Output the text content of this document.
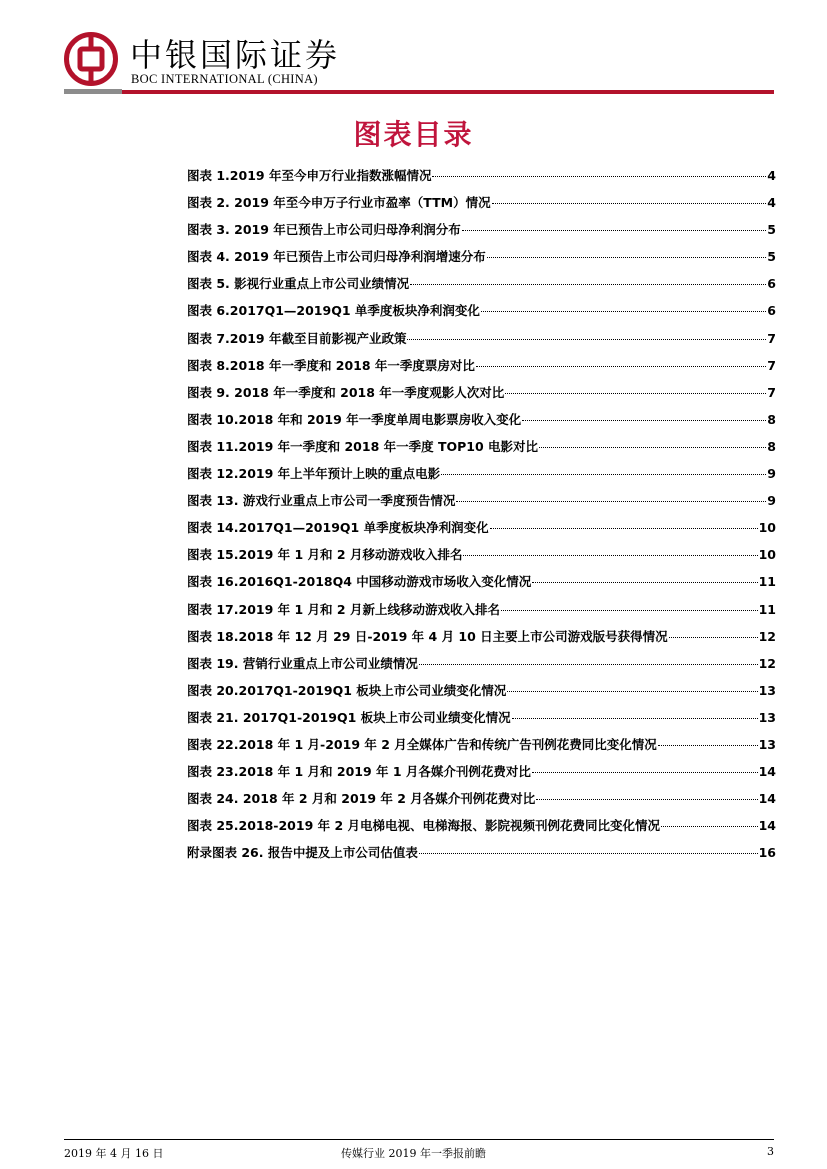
中银国际证券
BOC INTERNATIONAL (CHINA)
图表目录
图表 1.2019 年至今申万行业指数涨幅情况	4
图表 2. 2019 年至今申万子行业市盈率（TTM）情况	4
图表 3. 2019 年已预告上市公司归母净利润分布	5
图表 4. 2019 年已预告上市公司归母净利润增速分布	5
图表 5. 影视行业重点上市公司业绩情况	6
图表 6.2017Q1—2019Q1 单季度板块净利润变化	6
图表 7.2019 年截至目前影视产业政策	7
图表 8.2018 年一季度和 2018 年一季度票房对比	7
图表 9. 2018 年一季度和 2018 年一季度观影人次对比	7
图表 10.2018 年和 2019 年一季度单周电影票房收入变化	8
图表 11.2019 年一季度和 2018 年一季度 TOP10 电影对比	8
图表 12.2019 年上半年预计上映的重点电影	9
图表 13. 游戏行业重点上市公司一季度预告情况	9
图表 14.2017Q1—2019Q1 单季度板块净利润变化	10
图表 15.2019 年 1 月和 2 月移动游戏收入排名	10
图表 16.2016Q1-2018Q4 中国移动游戏市场收入变化情况	11
图表 17.2019 年 1 月和 2 月新上线移动游戏收入排名	11
图表 18.2018 年 12 月 29 日-2019 年 4 月 10 日主要上市公司游戏版号获得情况	12
图表 19. 营销行业重点上市公司业绩情况	12
图表 20.2017Q1-2019Q1 板块上市公司业绩变化情况	13
图表 21. 2017Q1-2019Q1 板块上市公司业绩变化情况	13
图表 22.2018 年 1 月-2019 年 2 月全媒体广告和传统广告刊例花费同比变化情况	13
图表 23.2018 年 1 月和 2019 年 1 月各媒介刊例花费对比	14
图表 24. 2018 年 2 月和 2019 年 2 月各媒介刊例花费对比	14
图表 25.2018-2019 年 2 月电梯电视、电梯海报、影院视频刊例花费同比变化情况	14
附录图表 26. 报告中提及上市公司估值表	16
2019 年 4 月 16 日	传媒行业 2019 年一季报前瞻	3
